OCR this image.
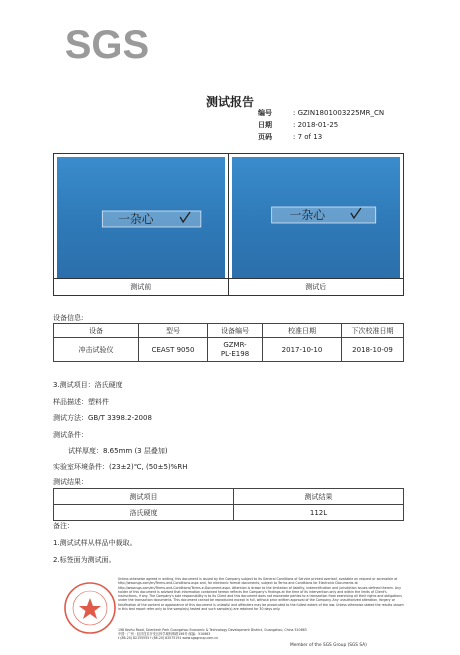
SGS
测试报告
编号	: GZIN1801003225MR_CN
日期	: 2018-01-25
页码	: 7 of 13
一杂心
测试前
一杂心
测试后
设备信息:
设备	型号	设备编号	校准日期	下次校准日期
冲击试验仪	CEAST 9050	GZMR-
PL-E198	2017-10-10	2018-10-09
3.测试项目：洛氏硬度
样品描述：塑料件
测试方法：GB/T 3398.2-2008
测试条件：
试样厚度：8.65mm (3 层叠加)
实验室环境条件：(23±2)℃, (50±5)%RH
测试结果：
测试项目	测试结果
洛氏硬度	112L
备注：
1.测试试样从样品中裁取。
2.标签面为测试面。
Unless otherwise agreed in writing, this document is issued by the Company subject to its General Conditions of Service printed overleaf, available on request or accessible at http://www.sgs.com/en/Terms-and-Conditions.aspx and, for electronic format documents, subject to Terms and Conditions for Electronic Documents at http://www.sgs.com/en/Terms-and-Conditions/Terms-e-Document.aspx. Attention is drawn to the limitation of liability, indemnification and jurisdiction issues defined therein. Any holder of this document is advised that information contained hereon reflects the Company's findings at the time of its intervention only and within the limits of Client's instructions, if any. The Company's sole responsibility is to its Client and this document does not exonerate parties to a transaction from exercising all their rights and obligations under the transaction documents. This document cannot be reproduced except in full, without prior written approval of the Company. Any unauthorized alteration, forgery or falsification of the content or appearance of this document is unlawful and offenders may be prosecuted to the fullest extent of the law. Unless otherwise stated the results shown in this test report refer only to the sample(s) tested and such sample(s) are retained for 30 days only.
198 Kezhu Road, Scientech Park Guangzhou Economic & Technology Development District, Guangzhou, China 510663
中国 · 广州 · 经济技术开发区科学城科珠路198号 邮编：510663
t (86-20) 82155555 f (86-20) 82075191 www.sgsgroup.com.cn
Member of the SGS Group (SGS SA)
